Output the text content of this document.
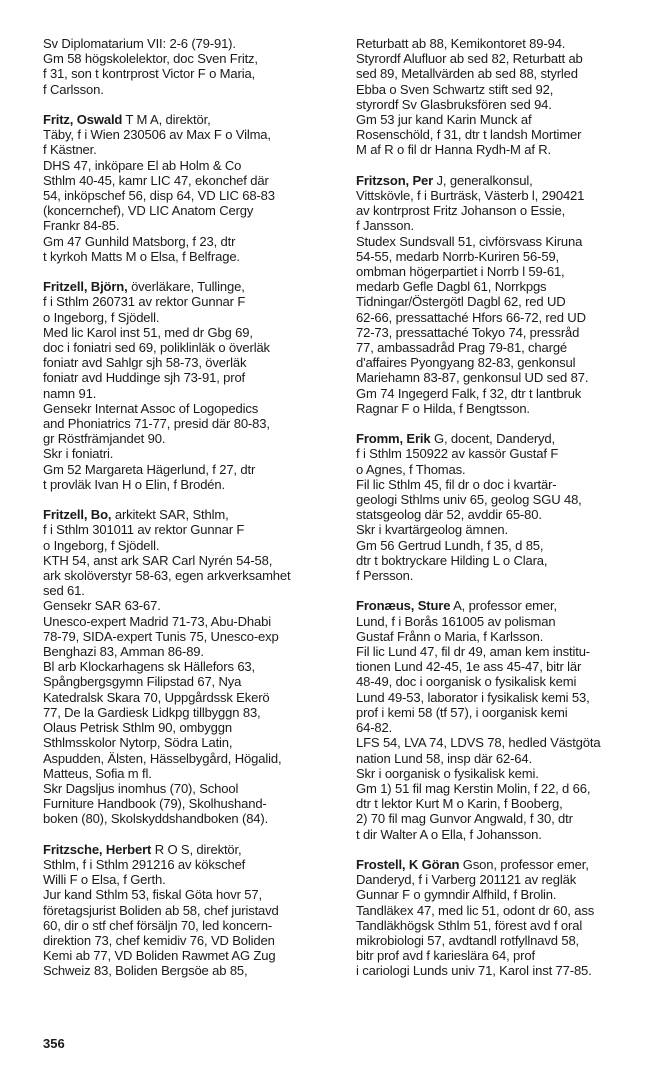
Sv Diplomatarium VII: 2-6 (79-91).
Gm 58 högskolelektor, doc Sven Fritz,
f 31, son t kontrprost Victor F o Maria,
f Carlsson.
Fritz, Oswald T M A, direktör,
Täby, f i Wien 230506 av Max F o Vilma,
f Kästner.
DHS 47, inköpare El ab Holm & Co
Sthlm 40-45, kamr LIC 47, ekonchef där
54, inköpschef 56, disp 64, VD LIC 68-83
(koncernchef), VD LIC Anatom Cergy
Frankr 84-85.
Gm 47 Gunhild Matsborg, f 23, dtr
t kyrkoh Matts M o Elsa, f Belfrage.
Fritzell, Björn, överläkare, Tullinge,
f i Sthlm 260731 av rektor Gunnar F
o Ingeborg, f Sjödell.
Med lic Karol inst 51, med dr Gbg 69,
doc i foniatri sed 69, poliklinläk o överläk
foniatr avd Sahlgr sjh 58-73, överläk
foniatr avd Huddinge sjh 73-91, prof
namn 91.
Gensekr Internat Assoc of Logopedics
and Phoniatrics 71-77, presid där 80-83,
gr Röstfrämjandet 90.
Skr i foniatri.
Gm 52 Margareta Hägerlund, f 27, dtr
t provläk Ivan H o Elin, f Brodén.
Fritzell, Bo, arkitekt SAR, Sthlm,
f i Sthlm 301011 av rektor Gunnar F
o Ingeborg, f Sjödell.
KTH 54, anst ark SAR Carl Nyrén 54-58,
ark skolöverstyr 58-63, egen arkverksamhet
sed 61.
Gensekr SAR 63-67.
Unesco-expert Madrid 71-73, Abu-Dhabi
78-79, SIDA-expert Tunis 75, Unesco-exp
Benghazi 83, Amman 86-89.
Bl arb Klockarhagens sk Hällefors 63,
Spångbergsgymn Filipstad 67, Nya
Katedralsk Skara 70, Uppgårdssk Ekerö
77, De la Gardiesk Lidkpg tillbyggn 83,
Olaus Petrisk Sthlm 90, ombyggn
Sthlmsskolor Nytorp, Södra Latin,
Aspudden, Älsten, Hässelbygård, Högalid,
Matteus, Sofia m fl.
Skr Dagsljus inomhus (70), School
Furniture Handbook (79), Skolhushand-
boken (80), Skolskyddshandboken (84).
Fritzsche, Herbert R O S, direktör,
Sthlm, f i Sthlm 291216 av kökschef
Willi F o Elsa, f Gerth.
Jur kand Sthlm 53, fiskal Göta hovr 57,
företagsjurist Boliden ab 58, chef juristavd
60, dir o stf chef försäljn 70, led koncern-
direktion 73, chef kemidiv 76, VD Boliden
Kemi ab 77, VD Boliden Rawmet AG Zug
Schweiz 83, Boliden Bergsöe ab 85,
Returbatt ab 88, Kemikontoret 89-94.
Styrordf Alufluor ab sed 82, Returbatt ab
sed 89, Metallvärden ab sed 88, styrled
Ebba o Sven Schwartz stift sed 92,
styrordf Sv Glasbruksfören sed 94.
Gm 53 jur kand Karin Munck af
Rosenschöld, f 31, dtr t landsh Mortimer
M af R o fil dr Hanna Rydh-M af R.
Fritzson, Per J, generalkonsul,
Vittskövle, f i Burträsk, Västerb l, 290421
av kontrprost Fritz Johanson o Essie,
f Jansson.
Studex Sundsvall 51, civförsvass Kiruna
54-55, medarb Norrb-Kuriren 56-59,
ombman högerpartiet i Norrb l 59-61,
medarb Gefle Dagbl 61, Norrkpgs
Tidningar/Östergötl Dagbl 62, red UD
62-66, pressattaché Hfors 66-72, red UD
72-73, pressattaché Tokyo 74, pressråd
77, ambassadråd Prag 79-81, chargé
d'affaires Pyongyang 82-83, genkonsul
Mariehamn 83-87, genkonsul UD sed 87.
Gm 74 Ingegerd Falk, f 32, dtr t lantbruk
Ragnar F o Hilda, f Bengtsson.
Fromm, Erik G, docent, Danderyd,
f i Sthlm 150922 av kassör Gustaf F
o Agnes, f Thomas.
Fil lic Sthlm 45, fil dr o doc i kvartär-
geologi Sthlms univ 65, geolog SGU 48,
statsgeolog där 52, avddir 65-80.
Skr i kvartärgeolog ämnen.
Gm 56 Gertrud Lundh, f 35, d 85,
dtr t boktryckare Hilding L o Clara,
f Persson.
Fronæus, Sture A, professor emer,
Lund, f i Borås 161005 av polisman
Gustaf Frånn o Maria, f Karlsson.
Fil lic Lund 47, fil dr 49, aman kem institu-
tionen Lund 42-45, 1e ass 45-47, bitr lär
48-49, doc i oorganisk o fysikalisk kemi
Lund 49-53, laborator i fysikalisk kemi 53,
prof i kemi 58 (tf 57), i oorganisk kemi
64-82.
LFS 54, LVA 74, LDVS 78, hedled Västgöta
nation Lund 58, insp där 62-64.
Skr i oorganisk o fysikalisk kemi.
Gm 1) 51 fil mag Kerstin Molin, f 22, d 66,
dtr t lektor Kurt M o Karin, f Booberg,
2) 70 fil mag Gunvor Angwald, f 30, dtr
t dir Walter A o Ella, f Johansson.
Frostell, K Göran Gson, professor emer,
Danderyd, f i Varberg 201121 av regläk
Gunnar F o gymndir Alfhild, f Brolin.
Tandläkex 47, med lic 51, odont dr 60, ass
Tandläkhögsk Sthlm 51, förest avd f oral
mikrobiologi 57, avdtandl rotfyllnavd 58,
bitr prof avd f karieslära 64, prof
i cariologi Lunds univ 71, Karol inst 77-85.
356
